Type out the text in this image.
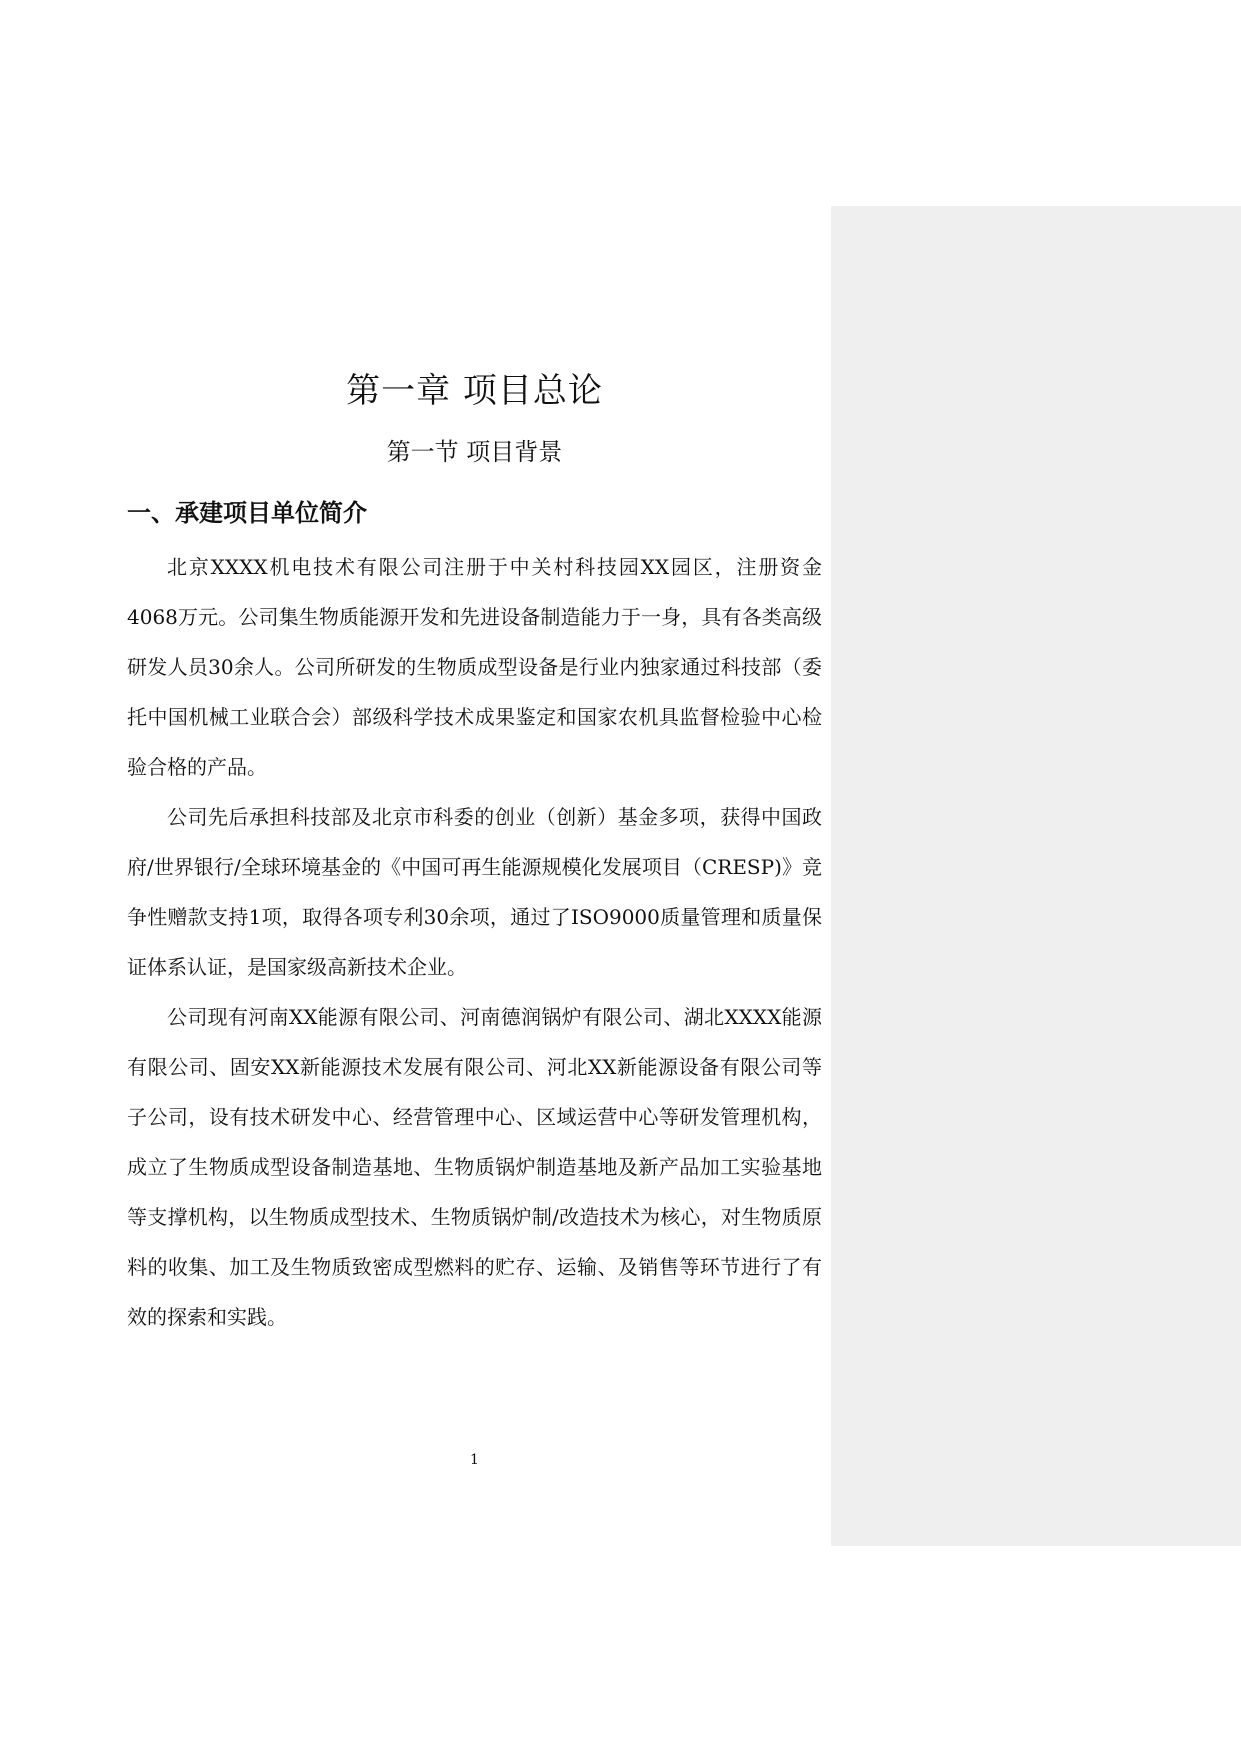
第一章 项目总论
第一节 项目背景
一、承建项目单位简介

北京XXXX机电技术有限公司注册于中关村科技园XX园区，注册资金4068万元。公司集生物质能源开发和先进设备制造能力于一身，具有各类高级研发人员30余人。公司所研发的生物质成型设备是行业内独家通过科技部（委托中国机械工业联合会）部级科学技术成果鉴定和国家农机具监督检验中心检验合格的产品。

公司先后承担科技部及北京市科委的创业（创新）基金多项，获得中国政府/世界银行/全球环境基金的《中国可再生能源规模化发展项目（CRESP)》竞争性赠款支持1项，取得各项专利30余项，通过了ISO9000质量管理和质量保证体系认证，是国家级高新技术企业。

公司现有河南XX能源有限公司、河南德润锅炉有限公司、湖北XXXX能源有限公司、固安XX新能源技术发展有限公司、河北XX新能源设备有限公司等子公司，设有技术研发中心、经营管理中心、区域运营中心等研发管理机构，成立了生物质成型设备制造基地、生物质锅炉制造基地及新产品加工实验基地等支撑机构，以生物质成型技术、生物质锅炉制/改造技术为核心，对生物质原料的收集、加工及生物质致密成型燃料的贮存、运输、及销售等环节进行了有效的探索和实践。

1
